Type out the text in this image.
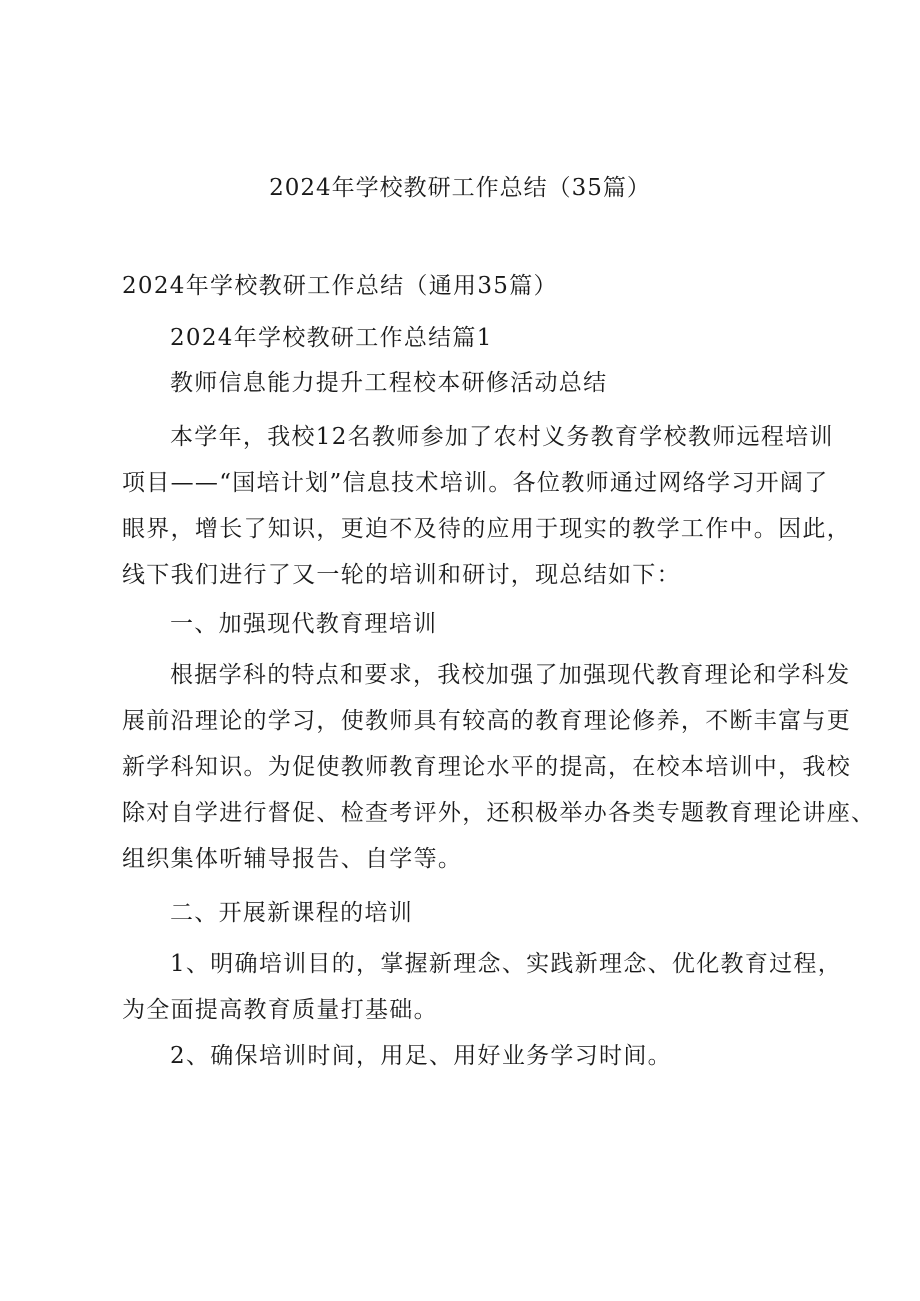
2024年学校教研工作总结（35篇）
2024年学校教研工作总结（通用35篇）
2024年学校教研工作总结篇1
教师信息能力提升工程校本研修活动总结
本学年，我校12名教师参加了农村义务教育学校教师远程培训
项目——“国培计划”信息技术培训。各位教师通过网络学习开阔了
眼界，增长了知识，更迫不及待的应用于现实的教学工作中。因此，
线下我们进行了又一轮的培训和研讨，现总结如下：
一、加强现代教育理培训
根据学科的特点和要求，我校加强了加强现代教育理论和学科发
展前沿理论的学习，使教师具有较高的教育理论修养，不断丰富与更
新学科知识。为促使教师教育理论水平的提高，在校本培训中，我校
除对自学进行督促、检查考评外，还积极举办各类专题教育理论讲座、
组织集体听辅导报告、自学等。
二、开展新课程的培训
1、明确培训目的，掌握新理念、实践新理念、优化教育过程，
为全面提高教育质量打基础。
2、确保培训时间，用足、用好业务学习时间。
